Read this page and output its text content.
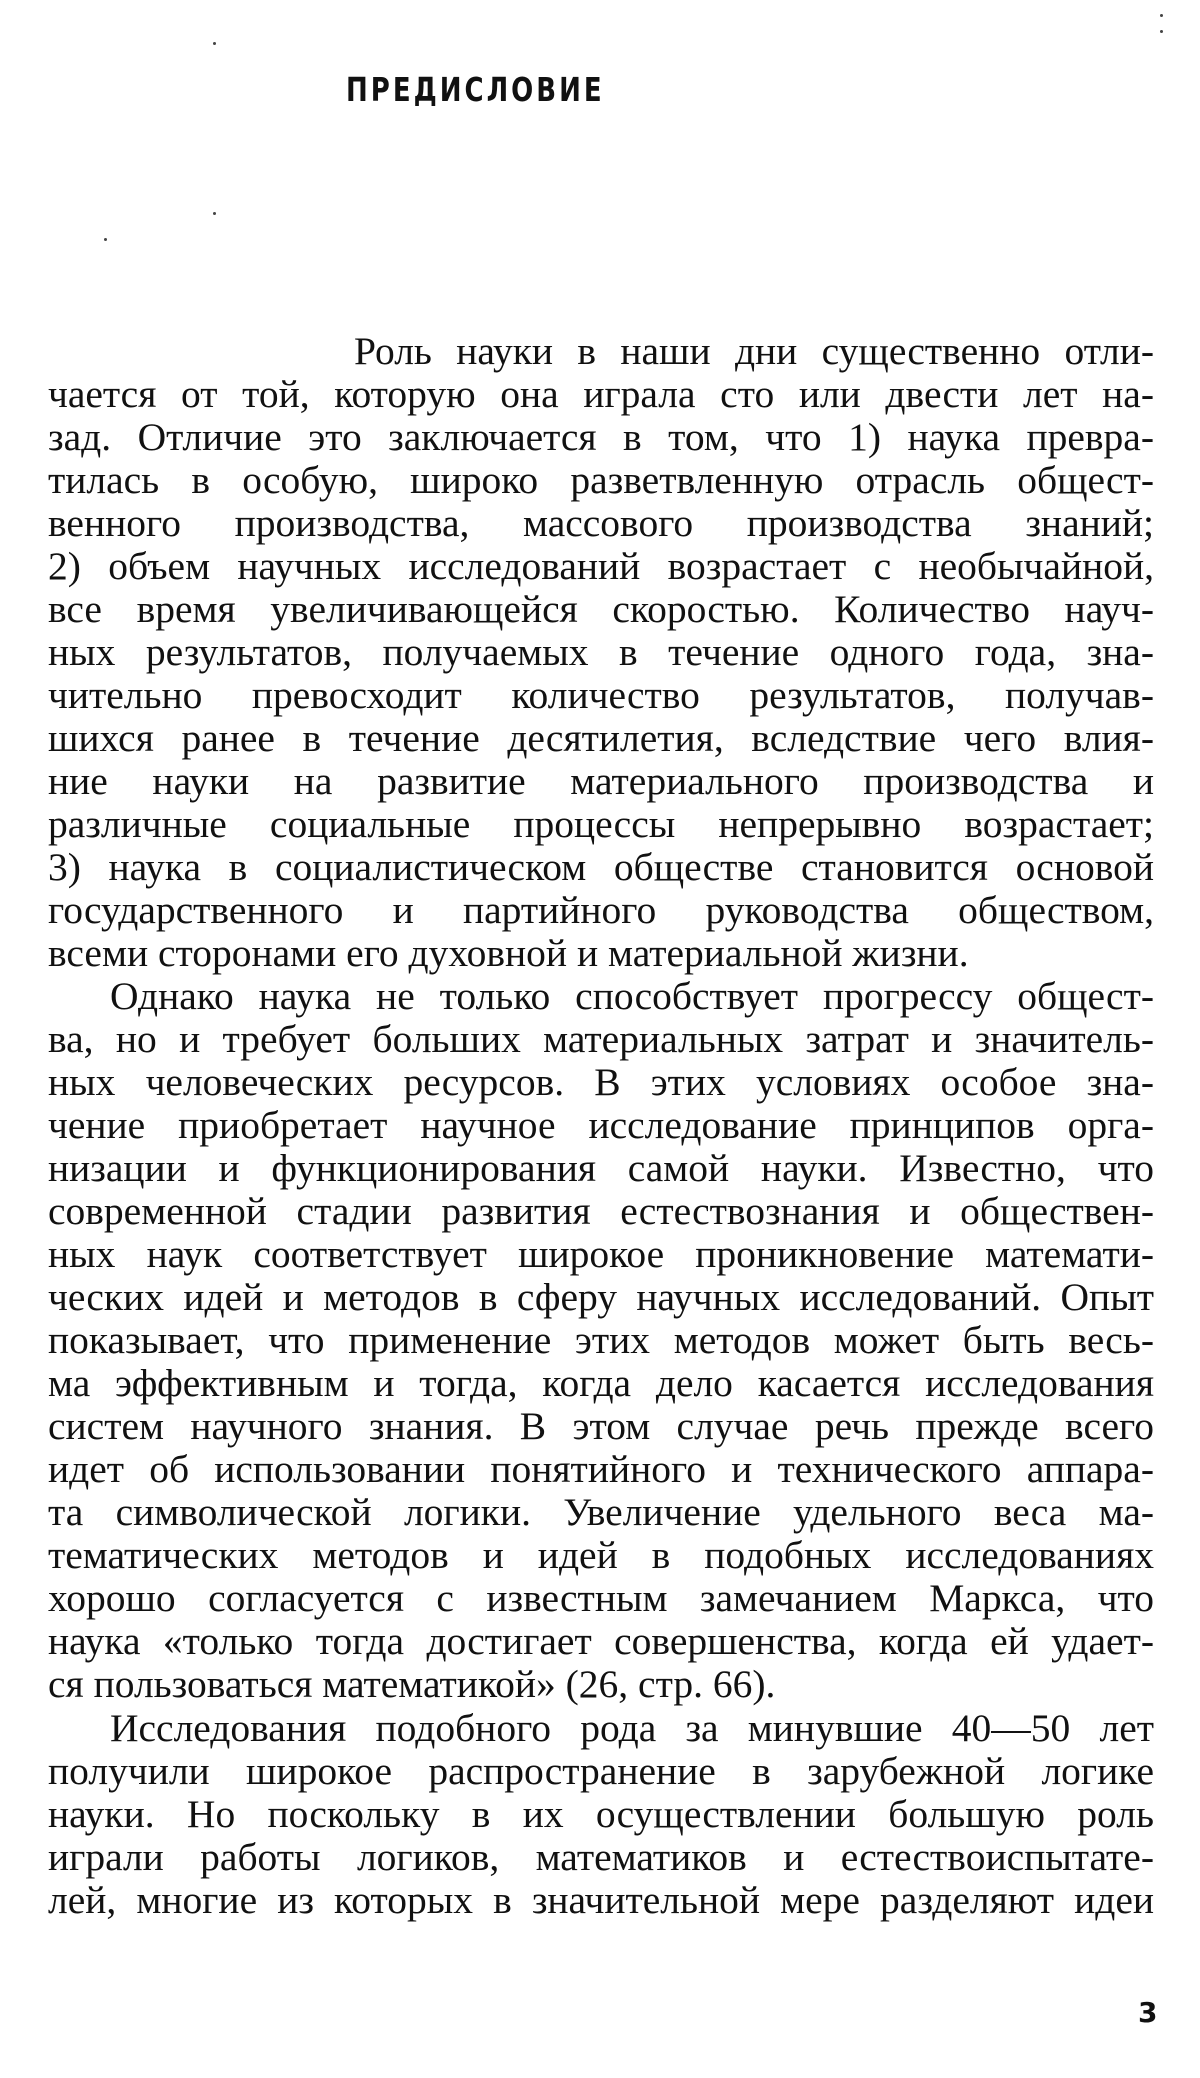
ПРЕДИСЛОВИЕ
Роль науки в наши дни существенно отли-
чается от той, которую она играла сто или двести лет на-
зад. Отличие это заключается в том, что 1) наука превра-
тилась в особую, широко разветвленную отрасль общест-
венного производства, массового производства знаний;
2) объем научных исследований возрастает с необычайной,
все время увеличивающейся скоростью. Количество науч-
ных результатов, получаемых в течение одного года, зна-
чительно превосходит количество результатов, получав-
шихся ранее в течение десятилетия, вследствие чего влия-
ние науки на развитие материального производства и
различные социальные процессы непрерывно возрастает;
3) наука в социалистическом обществе становится основой
государственного и партийного руководства обществом,
всеми сторонами его духовной и материальной жизни.
Однако наука не только способствует прогрессу общест-
ва, но и требует больших материальных затрат и значитель-
ных человеческих ресурсов. В этих условиях особое зна-
чение приобретает научное исследование принципов орга-
низации и функционирования самой науки. Известно, что
современной стадии развития естествознания и обществен-
ных наук соответствует широкое проникновение математи-
ческих идей и методов в сферу научных исследований. Опыт
показывает, что применение этих методов может быть весь-
ма эффективным и тогда, когда дело касается исследования
систем научного знания. В этом случае речь прежде всего
идет об использовании понятийного и технического аппара-
та символической логики. Увеличение удельного веса ма-
тематических методов и идей в подобных исследованиях
хорошо согласуется с известным замечанием Маркса, что
наука «только тогда достигает совершенства, когда ей удает-
ся пользоваться математикой» (26, стр. 66).
Исследования подобного рода за минувшие 40—50 лет
получили широкое распространение в зарубежной логике
науки. Но поскольку в их осуществлении большую роль
играли работы логиков, математиков и естествоиспытате-
лей, многие из которых в значительной мере разделяют идеи
3
